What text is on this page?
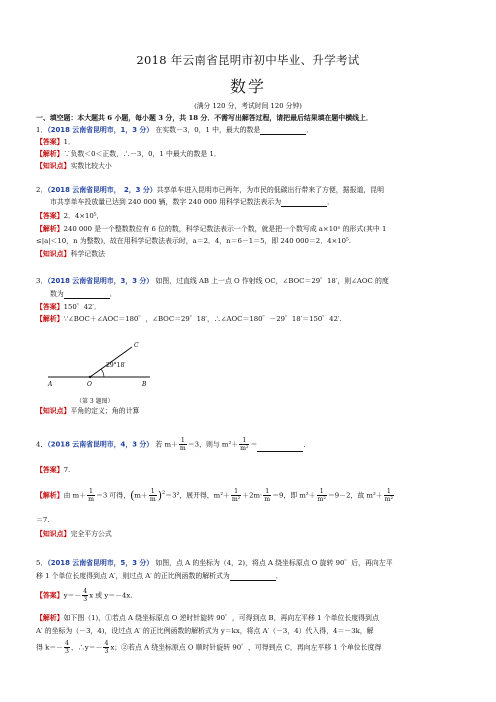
2018 年云南省昆明市初中毕业、升学考试
数学
(满分 120 分，考试时间 120 分钟)
一、填空题：本大题共 6 小题，每小题 3 分，共 18 分．不需写出解答过程，请把最后结果填在题中横线上．
1．（2018 云南省昆明市，1，3 分） 在实数－3，0，1 中，最大的数是	．
【答案】1．
【解析】∵负数＜0＜正数，∴－3，0，1 中最大的数是 1．
【知识点】实数比较大小
2．（2018 云南省昆明市，　2，3 分）共享单车进入昆明市已两年，为市民的低碳出行带来了方便，据报道，昆明
市共享单车投放量已达到 240 000 辆，数字 240 000 用科学记数法表示为	．
【答案】2．4×10⁵．
【解析】240 000 是一个整数数位有 6 位的数，科学记数法表示一个数，就是把一个数写成 a×10ⁿ 的形式(其中 1
≤|a|＜10，n 为整数)，故在用科学记数法表示时，a＝2．4，n＝6－1＝5，即 240 000＝2．4×10⁵.
【知识点】科学记数法
3．（2018 云南省昆明市，3，3 分） 如图，过直线 AB 上一点 O 作射线 OC，∠BOC＝29゜18′，则∠AOC 的度
数为	．
【答案】150゜42′．
【解析】∵∠BOC＋∠AOC＝180゜，∠BOC＝29゜18′，∴∠AOC＝180゜－29゜18′＝150゜42′.
29°18′
A	O	B
C
（第 3 题图）
【知识点】平角的定义；角的计算
4．（2018 云南省昆明市，4，3 分） 若 $m+ \frac{1}{m} =3$，则与 $m^2+ \frac{1}{\text{m²}}$ ＝	．
【答案】7.
【解析】由 $m+ \frac{1}{m} =3$ 可得，$(m+ \frac{1}{m} )^2=3^2$，展开得，$m^2+ \frac{1}{\text{m²}} +2m\cdot \frac{1}{m} =9$，即 $m^2+ \frac{1}{\text{m²}} =9-2$，故 $m^2+ \frac{1}{\text{m²}}$
＝7.
【知识点】完全平方公式
5．（2018 云南省昆明市，5，3 分） 如图，点 A 的坐标为（4，2)，将点 A 绕坐标原点 O 旋转 90゜后，再向左平
移 1 个单位长度得到点 A′，则过点 A′ 的正比例函数的解析式为	．
【答案】$y=- \frac{4}{3}$ x 或 y＝－4x.
【解析】如下图（1)，①若点 A 绕坐标原点 O 逆时针旋转 90゜，可得到点 B，再向左平移 1 个单位长度得到点
A′ 的坐标为（－3，4)，设过点 A′ 的正比例函数的解析式为 y＝kx，将点 A′（－3，4）代入得，4＝－3k，解
得 $k=- \frac{4}{3}$ ，∴y＝－ $\frac{4}{3}$ x；②若点 A 绕坐标原点 O 顺时针旋转 90゜，可得到点 C，再向左平移 1 个单位长度得
